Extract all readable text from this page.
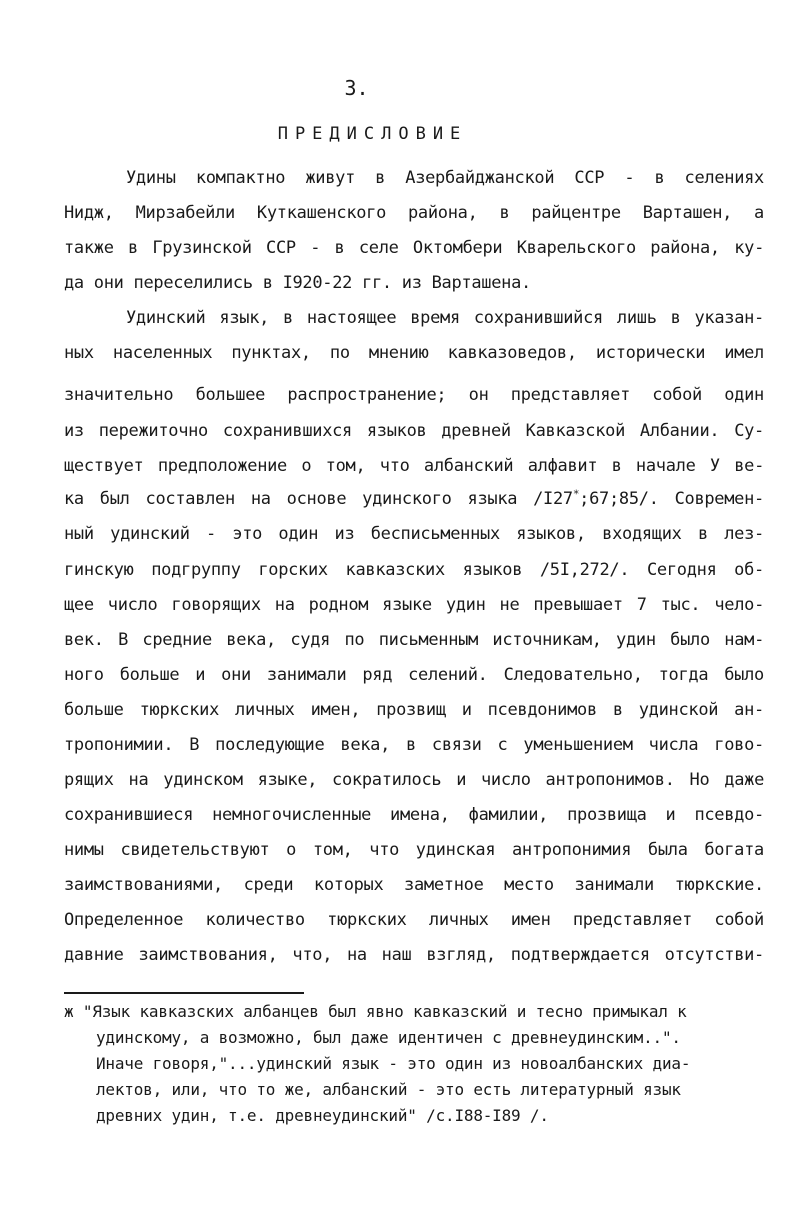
3.
ПРЕДИСЛОВИЕ
Удины компактно живут в Азербайджанской ССР - в селениях
Нидж, Мирзабейли Куткашенского района, в райцентре Варташен, а
также в Грузинской ССР - в селе Октомбери Кварельского района, ку-
да они переселились в I920-22 гг. из Варташена.
Удинский язык, в настоящее время сохранившийся лишь в указан-
ных населенных пунктах, по мнению кавказоведов, исторически имел
значительно большее распространение; он представляет собой один
из пережиточно сохранившихся языков древней Кавказской Албании. Су-
ществует предположение о том, что албанский алфавит в начале У ве-
ка был составлен на основе удинского языка /I27*;67;85/. Современ-
ный удинский - это один из бесписьменных языков, входящих в лез-
гинскую подгруппу горских кавказских языков /5I,272/. Сегодня об-
щее число говорящих на родном языке удин не превышает 7 тыс. чело-
век. В средние века, судя по письменным источникам, удин было нам-
ного больше и они занимали ряд селений. Следовательно, тогда было
больше тюркских личных имен, прозвищ и псевдонимов в удинской ан-
тропонимии. В последующие века, в связи с уменьшением числа гово-
рящих на удинском языке, сократилось и число антропонимов. Но даже
сохранившиеся немногочисленные имена, фамилии, прозвища и псевдо-
нимы свидетельствуют о том, что удинская антропонимия была богата
заимствованиями, среди которых заметное место занимали тюркские.
Определенное количество тюркских личных имен представляет собой
давние заимствования, что, на наш взгляд, подтверждается отсутстви-
ж "Язык кавказских албанцев был явно кавказский и тесно примыкал к
удинскому, а возможно, был даже идентичен с древнеудинским..".
Иначе говоря,"...удинский язык - это один из новоалбанских диа-
лектов, или, что то же, албанский - это есть литературный язык
древних удин, т.е. древнеудинский" /с.I88-I89 /.
